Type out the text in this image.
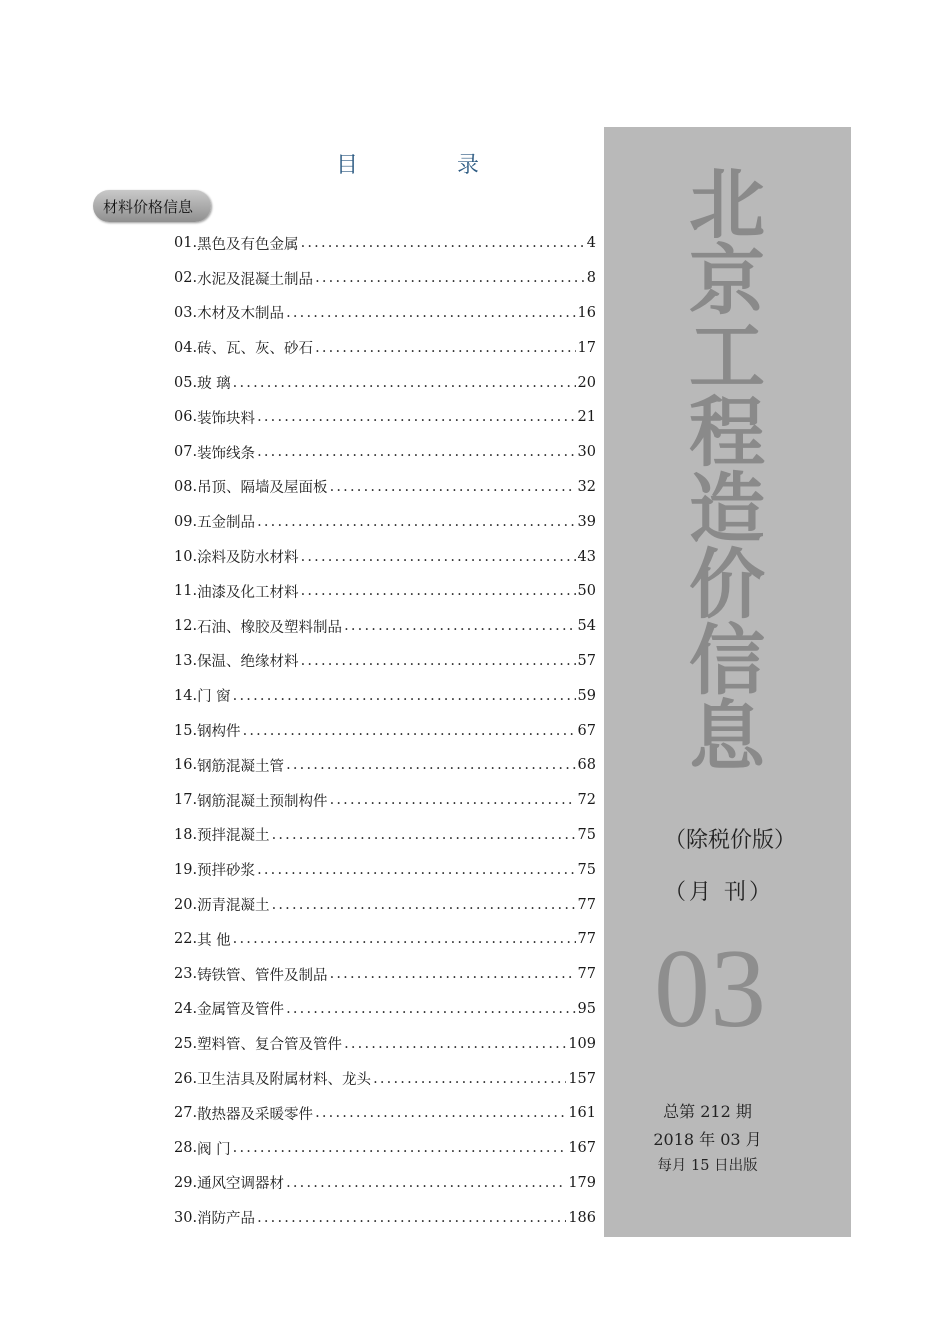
目 录
材料价格信息
01. 黑色及有色金属 .....	4
02. 水泥及混凝土制品 .....	8
03. 木材及木制品 .....	16
04. 砖、瓦、灰、砂石 .....	17
05. 玻 璃 .....	20
06. 装饰块料 .....	21
07. 装饰线条 .....	30
08. 吊顶、隔墙及屋面板 .....	32
09. 五金制品 .....	39
10. 涂料及防水材料 .....	43
11. 油漆及化工材料 .....	50
12. 石油、橡胶及塑料制品 .....	54
13. 保温、绝缘材料 .....	57
14. 门 窗 .....	59
15. 钢构件 .....	67
16. 钢筋混凝土管 .....	68
17. 钢筋混凝土预制构件 .....	72
18. 预拌混凝土 .....	75
19. 预拌砂浆 .....	75
20. 沥青混凝土 .....	77
22. 其 他 .....	77
23. 铸铁管、管件及制品 .....	77
24. 金属管及管件 .....	95
25. 塑料管、复合管及管件 .....	109
26. 卫生洁具及附属材料、龙头 .....	157
27. 散热器及采暖零件 .....	161
28. 阀 门 .....	167
29. 通风空调器材 .....	179
30. 消防产品 .....	186
北
京
工
程
造
价
信
息
（除税价版）
（月 刊）
03
总第 212 期
2018 年 03 月
每月 15 日出版
